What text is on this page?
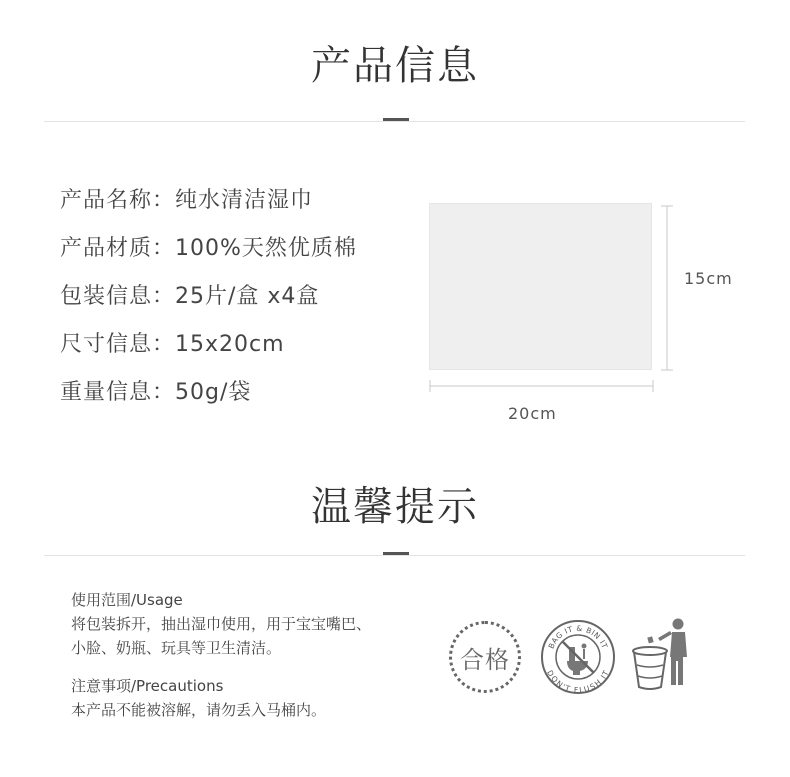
产品信息
产品名称：纯水清洁湿巾
产品材质：100%天然优质棉
包装信息：25片/盒 x4盒
尺寸信息：15x20cm
重量信息：50g/袋
15cm
20cm
温馨提示
使用范围/Usage
将包装拆开，抽出湿巾使用，用于宝宝嘴巴、
小脸、奶瓶、玩具等卫生清洁。
注意事项/Precautions
本产品不能被溶解，请勿丢入马桶内。
合格	BAG IT & BIN IT
DON'T FLUSH IT
